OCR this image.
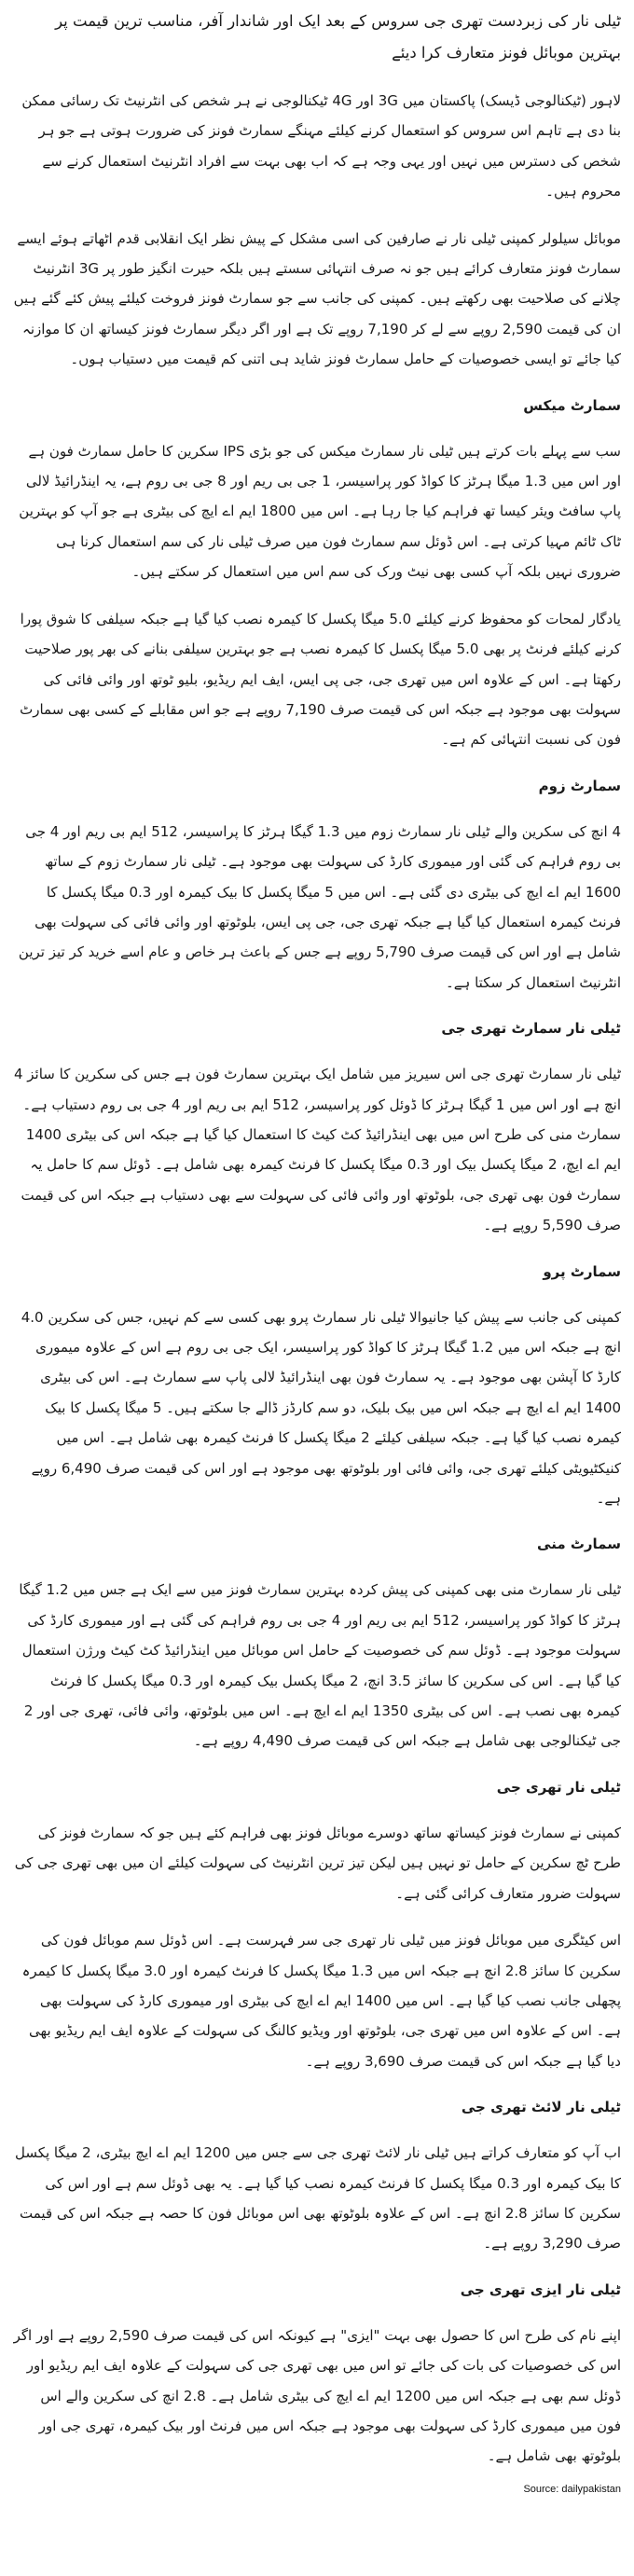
ٹیلی نار کی زبردست تھری جی سروس کے بعد ایک اور شاندار آفر، مناسب ترین قیمت پر بہترین موبائل فونز متعارف کرا دیئے

لاہور (ٹیکنالوجی ڈیسک) پاکستان میں 3G اور 4G ٹیکنالوجی نے ہر شخص کی انٹرنیٹ تک رسائی ممکن بنا دی ہے تاہم اس سروس کو استعمال کرنے کیلئے مہنگے سمارٹ فونز کی ضرورت ہوتی ہے جو ہر شخص کی دسترس میں نہیں اور یہی وجہ ہے کہ اب بھی بہت سے افراد انٹرنیٹ استعمال کرنے سے محروم ہیں۔

موبائل سیلولر کمپنی ٹیلی نار نے صارفین کی اسی مشکل کے پیش نظر ایک انقلابی قدم اٹھاتے ہوئے ایسے سمارٹ فونز متعارف کرائے ہیں جو نہ صرف انتہائی سستے ہیں بلکہ حیرت انگیز طور پر 3G انٹرنیٹ چلانے کی صلاحیت بھی رکھتے ہیں۔ کمپنی کی جانب سے جو سمارٹ فونز فروخت کیلئے پیش کئے گئے ہیں ان کی قیمت 2,590 روپے سے لے کر 7,190 روپے تک ہے اور اگر دیگر سمارٹ فونز کیساتھ ان کا موازنہ کیا جائے تو ایسی خصوصیات کے حامل سمارٹ فونز شاید ہی اتنی کم قیمت میں دستیاب ہوں۔

سمارٹ میکس

سب سے پہلے بات کرتے ہیں ٹیلی نار سمارٹ میکس کی جو بڑی IPS سکرین کا حامل سمارٹ فون ہے اور اس میں 1.3 میگا ہرٹز کا کواڈ کور پراسیسر، 1 جی بی ریم اور 8 جی بی روم ہے، یہ اینڈرائیڈ لالی پاپ سافٹ ویئر کیسا تھ فراہم کیا جا رہا ہے۔ اس میں 1800 ایم اے ایچ کی بیٹری ہے جو آپ کو بہترین ٹاک ٹائم مہیا کرتی ہے۔ اس ڈوئل سم سمارٹ فون میں صرف ٹیلی نار کی سم استعمال کرنا ہی ضروری نہیں بلکہ آپ کسی بھی نیٹ ورک کی سم اس میں استعمال کر سکتے ہیں۔

یادگار لمحات کو محفوظ کرنے کیلئے 5.0 میگا پکسل کا کیمرہ نصب کیا گیا ہے جبکہ سیلفی کا شوق پورا کرنے کیلئے فرنٹ پر بھی 5.0 میگا پکسل کا کیمرہ نصب ہے جو بہترین سیلفی بنانے کی بھر پور صلاحیت رکھتا ہے۔ اس کے علاوہ اس میں تھری جی، جی پی ایس، ایف ایم ریڈیو، بلیو ٹوتھ اور وائی فائی کی سہولت بھی موجود ہے جبکہ اس کی قیمت صرف 7,190 روپے ہے جو اس مقابلے کے کسی بھی سمارٹ فون کی نسبت انتہائی کم ہے۔

سمارٹ زوم

4 انچ کی سکرین والے ٹیلی نار سمارٹ زوم میں 1.3 گیگا ہرٹز کا پراسیسر، 512 ایم بی ریم اور 4 جی بی روم فراہم کی گئی اور میموری کارڈ کی سہولت بھی موجود ہے۔ ٹیلی نار سمارٹ زوم کے ساتھ 1600 ایم اے ایچ کی بیٹری دی گئی ہے۔ اس میں 5 میگا پکسل کا بیک کیمرہ اور 0.3 میگا پکسل کا فرنٹ کیمرہ استعمال کیا گیا ہے جبکہ تھری جی، جی پی ایس، بلوٹوتھ اور وائی فائی کی سہولت بھی شامل ہے اور اس کی قیمت صرف 5,790 روپے ہے جس کے باعث ہر خاص و عام اسے خرید کر تیز ترین انٹرنیٹ استعمال کر سکتا ہے۔

ٹیلی نار سمارٹ تھری جی

ٹیلی نار سمارٹ تھری جی اس سیریز میں شامل ایک بہترین سمارٹ فون ہے جس کی سکرین کا سائز 4 انچ ہے اور اس میں 1 گیگا ہرٹز کا ڈوئل کور پراسیسر، 512 ایم بی ریم اور 4 جی بی روم دستیاب ہے۔ سمارٹ منی کی طرح اس میں بھی اینڈرائیڈ کٹ کیٹ کا استعمال کیا گیا ہے جبکہ اس کی بیٹری 1400 ایم اے ایچ، 2 میگا پکسل بیک اور 0.3 میگا پکسل کا فرنٹ کیمرہ بھی شامل ہے۔ ڈوئل سم کا حامل یہ سمارٹ فون بھی تھری جی، بلوٹوتھ اور وائی فائی کی سہولت سے بھی دستیاب ہے جبکہ اس کی قیمت صرف 5,590 روپے ہے۔

سمارٹ پرو

کمپنی کی جانب سے پیش کیا جانیوالا ٹیلی نار سمارٹ پرو بھی کسی سے کم نہیں، جس کی سکرین 4.0 انچ ہے جبکہ اس میں 1.2 گیگا ہرٹز کا کواڈ کور پراسیسر، ایک جی بی روم ہے اس کے علاوہ میموری کارڈ کا آپشن بھی موجود ہے۔ یہ سمارٹ فون بھی اینڈرائیڈ لالی پاپ سے سمارٹ ہے۔ اس کی بیٹری 1400 ایم اے ایچ ہے جبکہ اس میں بیک بلیک، دو سم کارڈز ڈالے جا سکتے ہیں۔ 5 میگا پکسل کا بیک کیمرہ نصب کیا گیا ہے۔ جبکہ سیلفی کیلئے 2 میگا پکسل کا فرنٹ کیمرہ بھی شامل ہے۔ اس میں کنیکٹیویٹی کیلئے تھری جی، وائی فائی اور بلوٹوتھ بھی موجود ہے اور اس کی قیمت صرف 6,490 روپے ہے۔

سمارٹ منی

ٹیلی نار سمارٹ منی بھی کمپنی کی پیش کردہ بہترین سمارٹ فونز میں سے ایک ہے جس میں 1.2 گیگا ہرٹز کا کواڈ کور پراسیسر، 512 ایم بی ریم اور 4 جی بی روم فراہم کی گئی ہے اور میموری کارڈ کی سہولت موجود ہے۔ ڈوئل سم کی خصوصیت کے حامل اس موبائل میں اینڈرائیڈ کٹ کیٹ ورژن استعمال کیا گیا ہے۔ اس کی سکرین کا سائز 3.5 انچ، 2 میگا پکسل بیک کیمرہ اور 0.3 میگا پکسل کا فرنٹ کیمرہ بھی نصب ہے۔ اس کی بیٹری 1350 ایم اے ایچ ہے۔ اس میں بلوٹوتھ، وائی فائی، تھری جی اور 2 جی ٹیکنالوجی بھی شامل ہے جبکہ اس کی قیمت صرف 4,490 روپے ہے۔

ٹیلی نار تھری جی

کمپنی نے سمارٹ فونز کیساتھ ساتھ دوسرے موبائل فونز بھی فراہم کئے ہیں جو کہ سمارٹ فونز کی طرح ٹچ سکرین کے حامل تو نہیں ہیں لیکن تیز ترین انٹرنیٹ کی سہولت کیلئے ان میں بھی تھری جی کی سہولت ضرور متعارف کرائی گئی ہے۔

اس کیٹگری میں موبائل فونز میں ٹیلی نار تھری جی سر فہرست ہے۔ اس ڈوئل سم موبائل فون کی سکرین کا سائز 2.8 انچ ہے جبکہ اس میں 1.3 میگا پکسل کا فرنٹ کیمرہ اور 3.0 میگا پکسل کا کیمرہ پچھلی جانب نصب کیا گیا ہے۔ اس میں 1400 ایم اے ایچ کی بیٹری اور میموری کارڈ کی سہولت بھی ہے۔ اس کے علاوہ اس میں تھری جی، بلوٹوتھ اور ویڈیو کالنگ کی سہولت کے علاوہ ایف ایم ریڈیو بھی دیا گیا ہے جبکہ اس کی قیمت صرف 3,690 روپے ہے۔

ٹیلی نار لائٹ تھری جی

اب آپ کو متعارف کراتے ہیں ٹیلی نار لائٹ تھری جی سے جس میں 1200 ایم اے ایچ بیٹری، 2 میگا پکسل کا بیک کیمرہ اور 0.3 میگا پکسل کا فرنٹ کیمرہ نصب کیا گیا ہے۔ یہ بھی ڈوئل سم ہے اور اس کی سکرین کا سائز 2.8 انچ ہے۔ اس کے علاوہ بلوٹوتھ بھی اس موبائل فون کا حصہ ہے جبکہ اس کی قیمت صرف 3,290 روپے ہے۔

ٹیلی نار ایزی تھری جی

اپنے نام کی طرح اس کا حصول بھی بہت "ایزی" ہے کیونکہ اس کی قیمت صرف 2,590 روپے ہے اور اگر اس کی خصوصیات کی بات کی جائے تو اس میں بھی تھری جی کی سہولت کے علاوہ ایف ایم ریڈیو اور ڈوئل سم بھی ہے جبکہ اس میں 1200 ایم اے ایچ کی بیٹری شامل ہے۔ 2.8 انچ کی سکرین والے اس فون میں میموری کارڈ کی سہولت بھی موجود ہے جبکہ اس میں فرنٹ اور بیک کیمرہ، تھری جی اور بلوٹوتھ بھی شامل ہے۔

Source: dailypakistan
